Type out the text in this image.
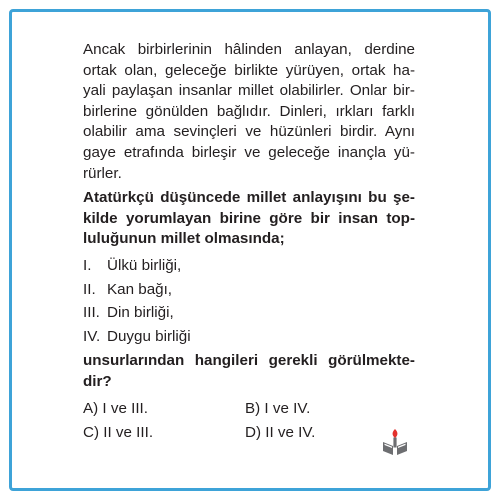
Ancak birbirlerinin hâlinden anlayan, derdine ortak olan, geleceğe birlikte yürüyen, ortak ha- yali paylaşan insanlar millet olabilirler. Onlar bir- birlerine gönülden bağlıdır. Dinleri, ırkları farklı olabilir ama sevinçleri ve hüzünleri birdir. Aynı gaye etrafında birleşir ve geleceğe inançla yü- rürler.

Atatürkçü düşüncede millet anlayışını bu şe- kilde yorumlayan birine göre bir insan top- luluğunun millet olmasında;

I. Ülkü birliği,
II. Kan bağı,
III. Din birliği,
IV. Duygu birliği

unsurlarından hangileri gerekli görülmekte- dir?

A) I ve III.	B) I ve IV.
C) II ve III.	D) II ve IV.
